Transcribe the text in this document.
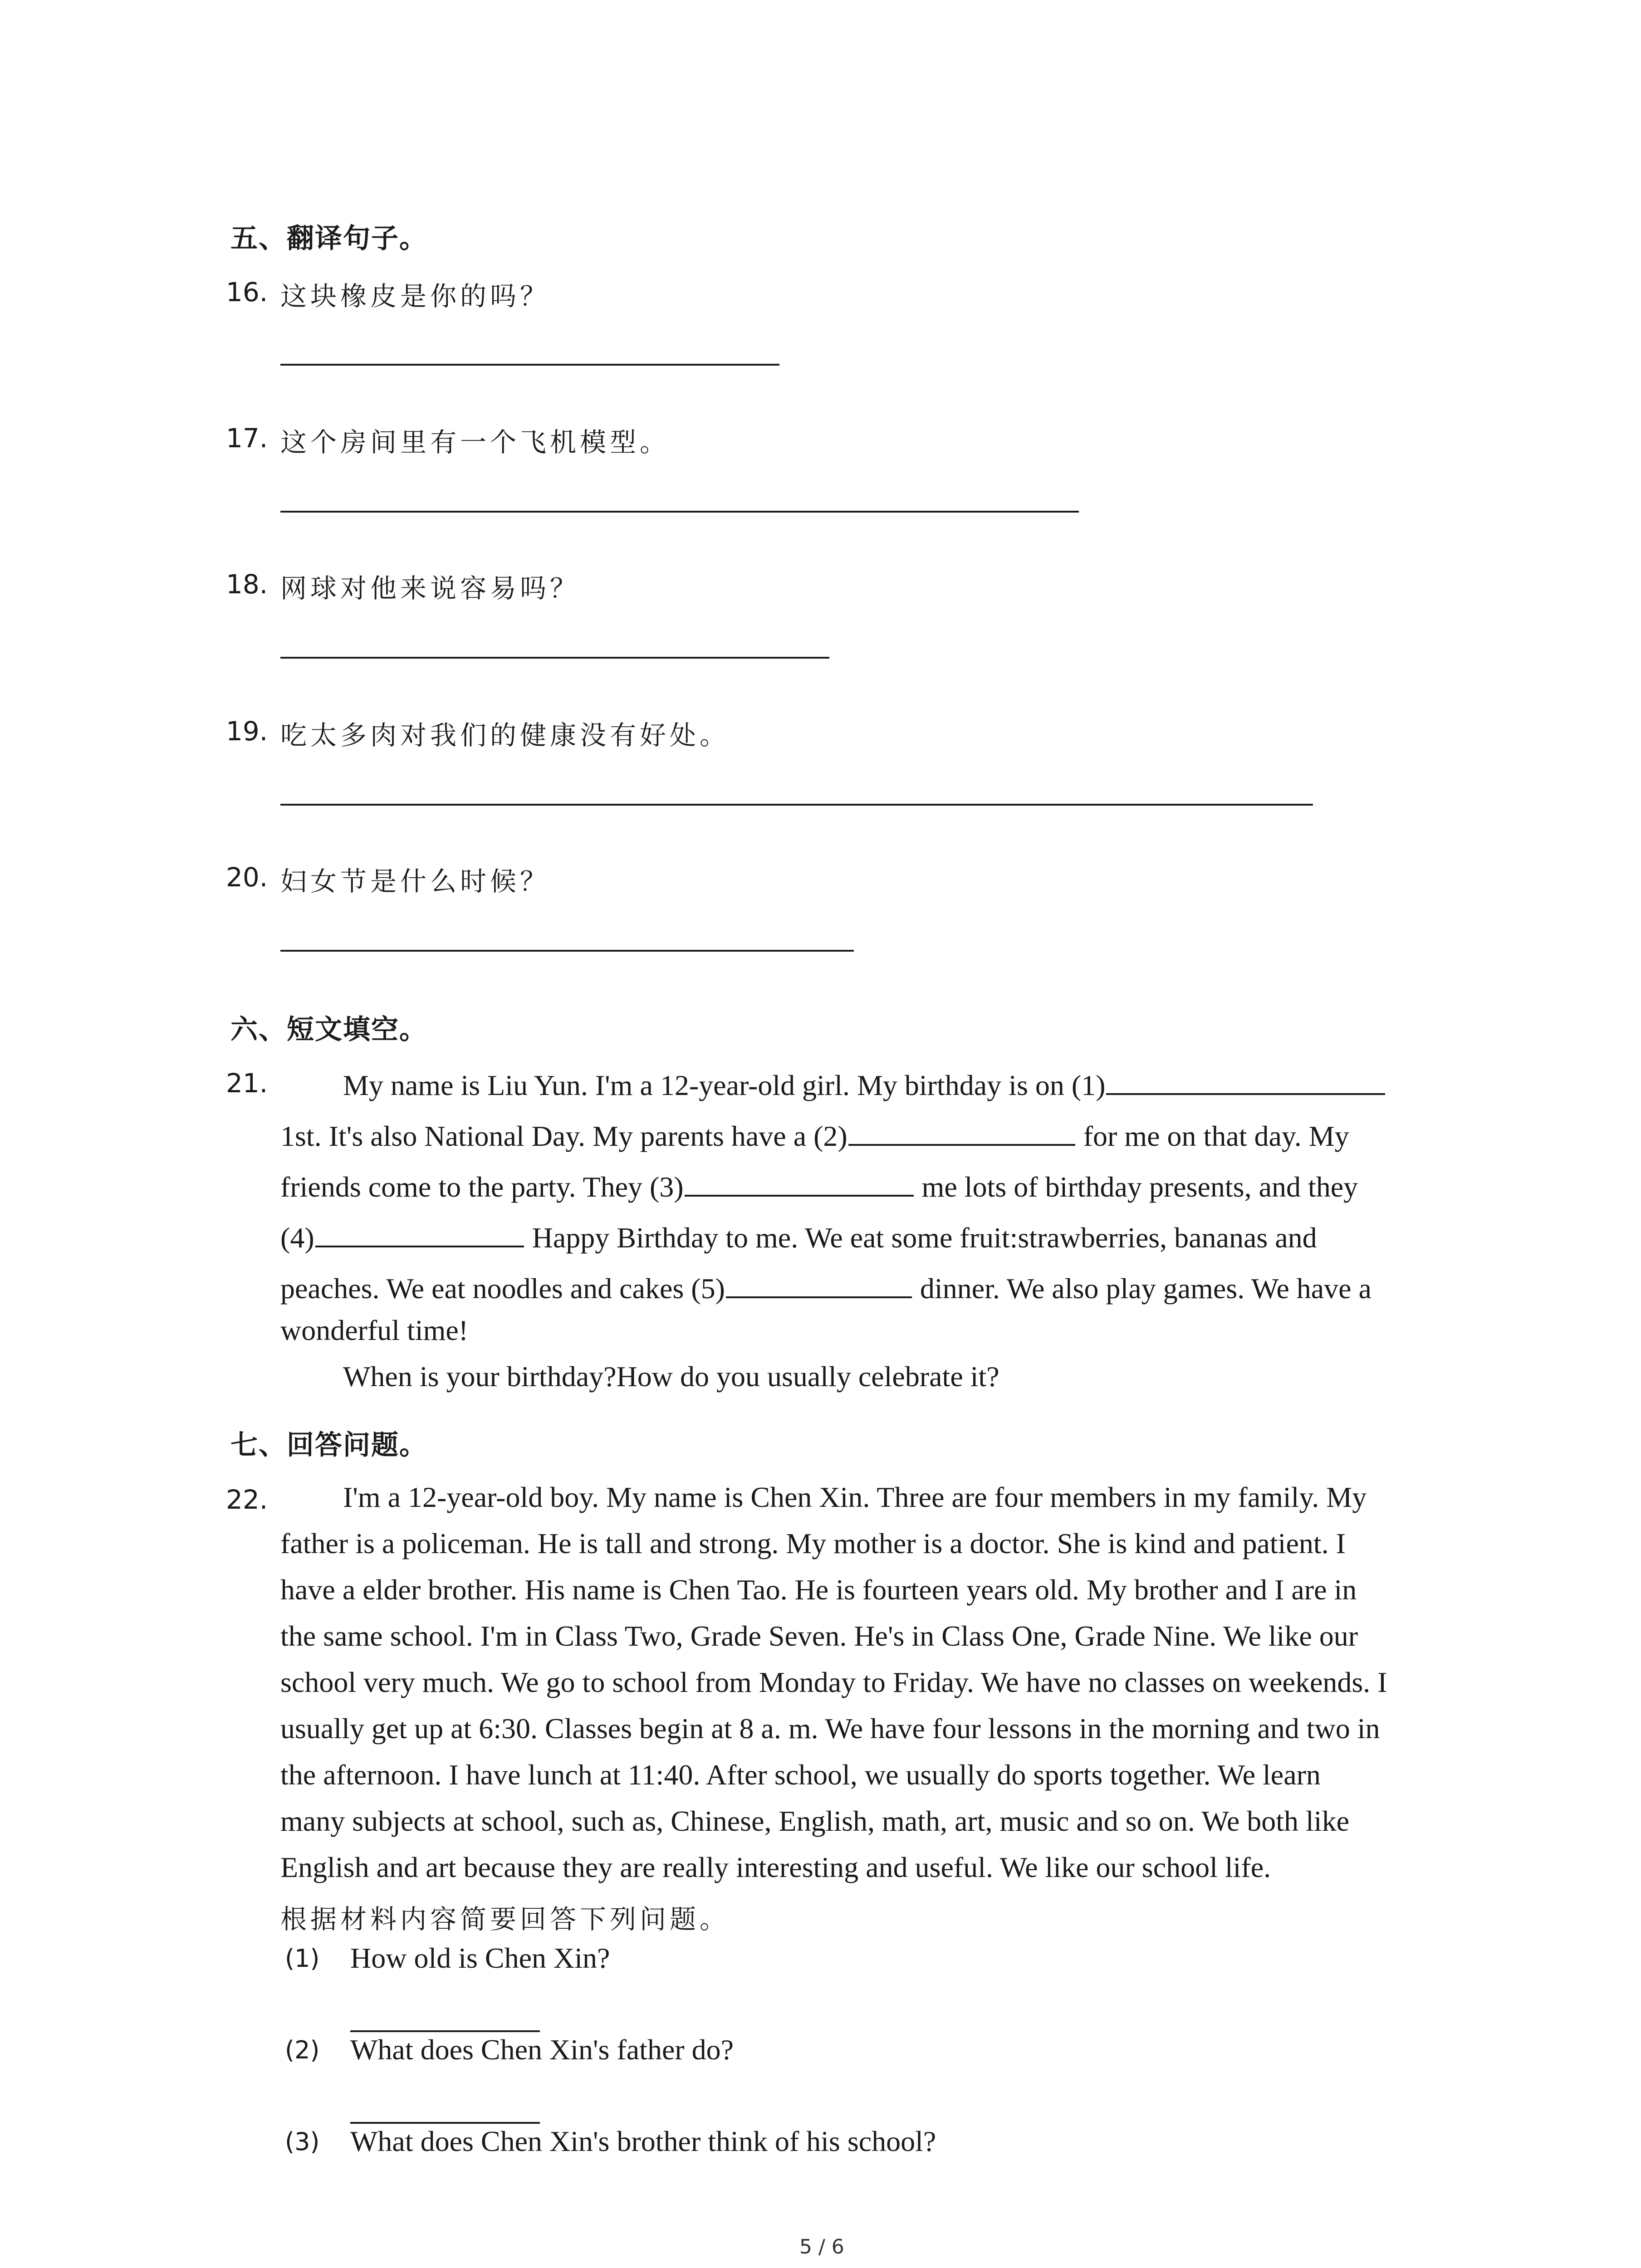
五、翻译句子。
16. 这块橡皮是你的吗？
17. 这个房间里有一个飞机模型。
18. 网球对他来说容易吗？
19. 吃太多肉对我们的健康没有好处。
20. 妇女节是什么时候？
六、短文填空。
21.	My name is Liu Yun. I'm a 12-year-old girl. My birthday is on (1)
1st. It's also National Day. My parents have a (2)	for me on that day. My
friends come to the party. They (3)	me lots of birthday presents, and they
(4)	Happy Birthday to me. We eat some fruit:strawberries, bananas and
peaches. We eat noodles and cakes (5)	dinner. We also play games. We have a
wonderful time!
When is your birthday?How do you usually celebrate it?
七、回答问题。
22.	I'm a 12-year-old boy. My name is Chen Xin. Three are four members in my family. My
father is a policeman. He is tall and strong. My mother is a doctor. She is kind and patient. I
have a elder brother. His name is Chen Tao. He is fourteen years old. My brother and I are in
the same school. I'm in Class Two, Grade Seven. He's in Class One, Grade Nine. We like our
school very much. We go to school from Monday to Friday. We have no classes on weekends. I
usually get up at 6:30. Classes begin at 8 a. m. We have four lessons in the morning and two in
the afternoon. I have lunch at 11:40. After school, we usually do sports together. We learn
many subjects at school, such as, Chinese, English, math, art, music and so on. We both like
English and art because they are really interesting and useful. We like our school life.
根据材料内容简要回答下列问题。
(1) How old is Chen Xin?
(2) What does Chen Xin's father do?
(3) What does Chen Xin's brother think of his school?
5 / 6
